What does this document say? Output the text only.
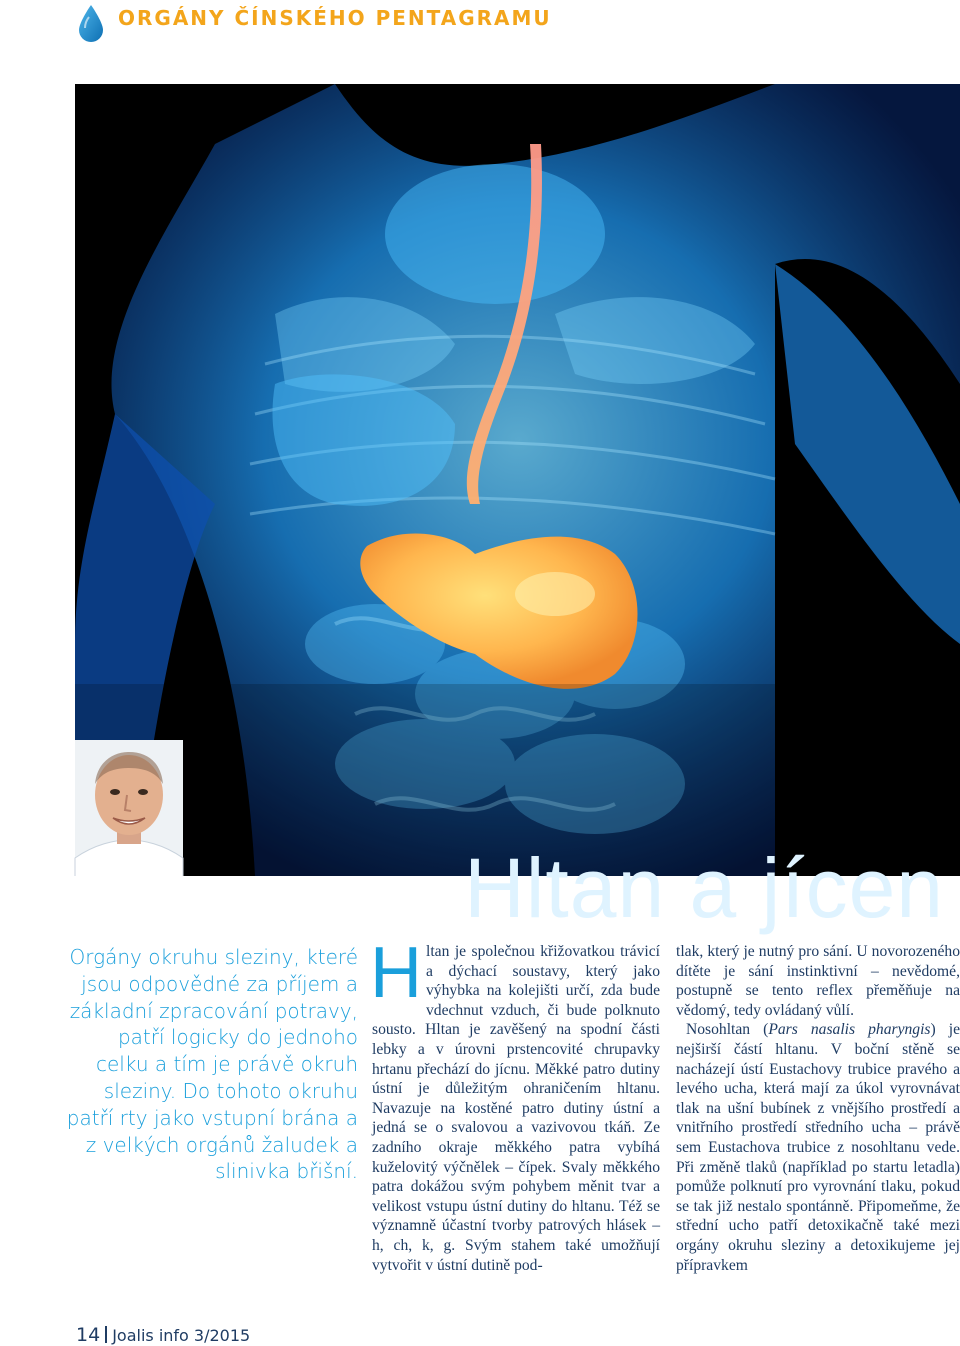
ORGÁNY ČÍNSKÉHO PENTAGRAMU
Hltan a jícen
Orgány okruhu sleziny, které jsou odpovědné za příjem a základní zpracování potravy, patří logicky do jednoho celku a tím je právě okruh sleziny. Do tohoto okruhu patří rty jako vstupní brána a z velkých orgánů žaludek a slinivka břišní.

Hltan je společnou křižovatkou trávicí a dýchací soustavy, který jako výhybka na kolejišti určí, zda bude vdechnut vzduch, či bude polknuto sousto. Hltan je zavěšený na spodní části lebky a v úrovni prstencovité chrupavky hrtanu přechází do jícnu. Měkké patro dutiny ústní je důležitým ohraničením hltanu. Navazuje na kostěné patro dutiny ústní a jedná se o svalovou a vazivovou tkáň. Ze zadního okraje měkkého patra vybíhá kuželovitý výčnělek – čípek. Svaly měkkého patra dokážou svým pohybem měnit tvar a velikost vstupu ústní dutiny do hltanu. Též se významně účastní tvorby patrových hlásek – h, ch, k, g. Svým stahem také umožňují vytvořit v ústní dutině pod-

tlak, který je nutný pro sání. U novorozeného dítěte je sání instinktivní – nevědomé, postupně se tento reflex přeměňuje na vědomý, tedy ovládaný vůlí.

Nosohltan (Pars nasalis pharyngis) je nejširší částí hltanu. V boční stěně se nacházejí ústí Eustachovy trubice pravého a levého ucha, která mají za úkol vyrovnávat tlak na ušní bubínek z vnějšího prostředí a vnitřního prostředí středního ucha – právě sem Eustachova trubice z nosohltanu vede. Při změně tlaků (například po startu letadla) pomůže polknutí pro vyrovnání tlaku, pokud se tak již nestalo spontánně. Připomeňme, že střední ucho patří detoxikačně také mezi orgány okruhu sleziny a detoxikujeme jej přípravkem

14 Joalis info 3/2015
